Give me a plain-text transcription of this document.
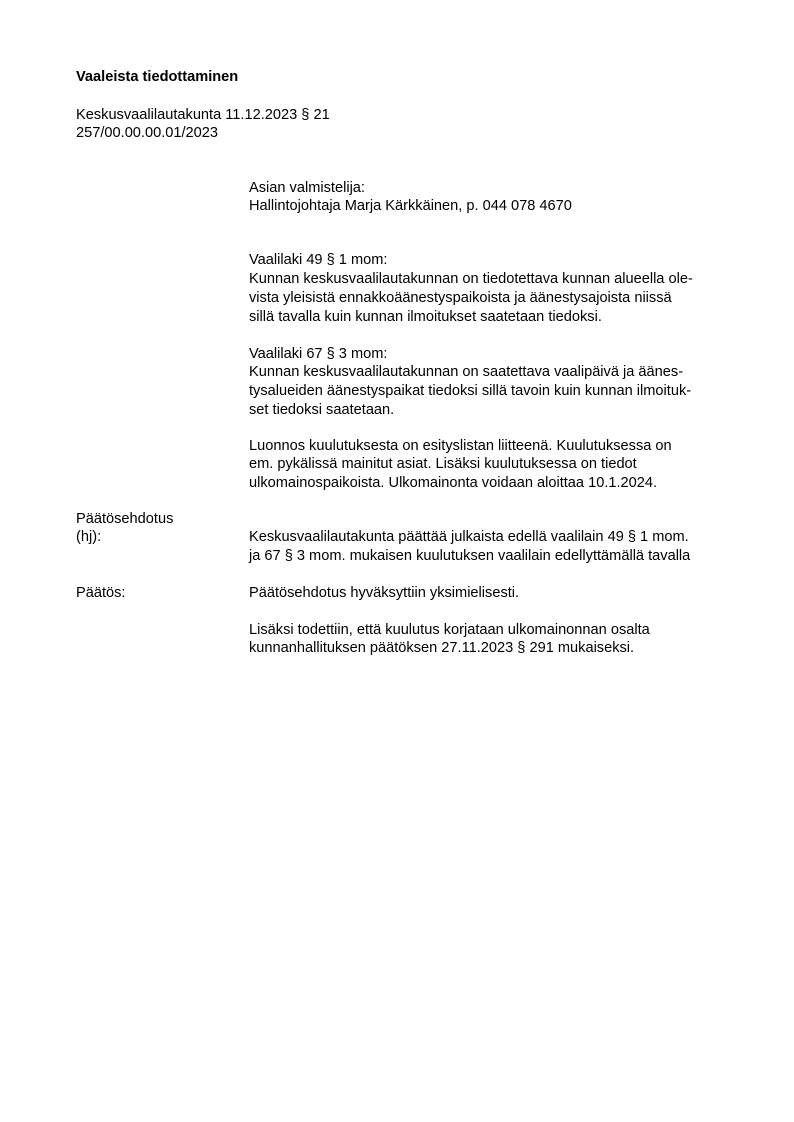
Vaaleista tiedottaminen
Keskusvaalilautakunta 11.12.2023 § 21
257/00.00.00.01/2023
Asian valmistelija:
Hallintojohtaja Marja Kärkkäinen, p. 044 078 4670
Vaalilaki 49 § 1 mom:
Kunnan keskusvaalilautakunnan on tiedotettava kunnan alueella ole-
vista yleisistä ennakkoäänestyspaikoista ja äänestysajoista niissä
sillä tavalla kuin kunnan ilmoitukset saatetaan tiedoksi.
Vaalilaki 67 § 3 mom:
Kunnan keskusvaalilautakunnan on saatettava vaalipäivä ja äänes-
tysalueiden äänestyspaikat tiedoksi sillä tavoin kuin kunnan ilmoituk-
set tiedoksi saatetaan.
Luonnos kuulutuksesta on esityslistan liitteenä. Kuulutuksessa on
em. pykälissä mainitut asiat. Lisäksi kuulutuksessa on tiedot
ulkomainospaikoista. Ulkomainonta voidaan aloittaa 10.1.2024.
Päätösehdotus
(hj):	Keskusvaalilautakunta päättää julkaista edellä vaalilain 49 § 1 mom.
ja 67 § 3 mom. mukaisen kuulutuksen vaalilain edellyttämällä tavalla
Päätös:	Päätösehdotus hyväksyttiin yksimielisesti.
Lisäksi todettiin, että kuulutus korjataan ulkomainonnan osalta
kunnanhallituksen päätöksen 27.11.2023 § 291 mukaiseksi.
